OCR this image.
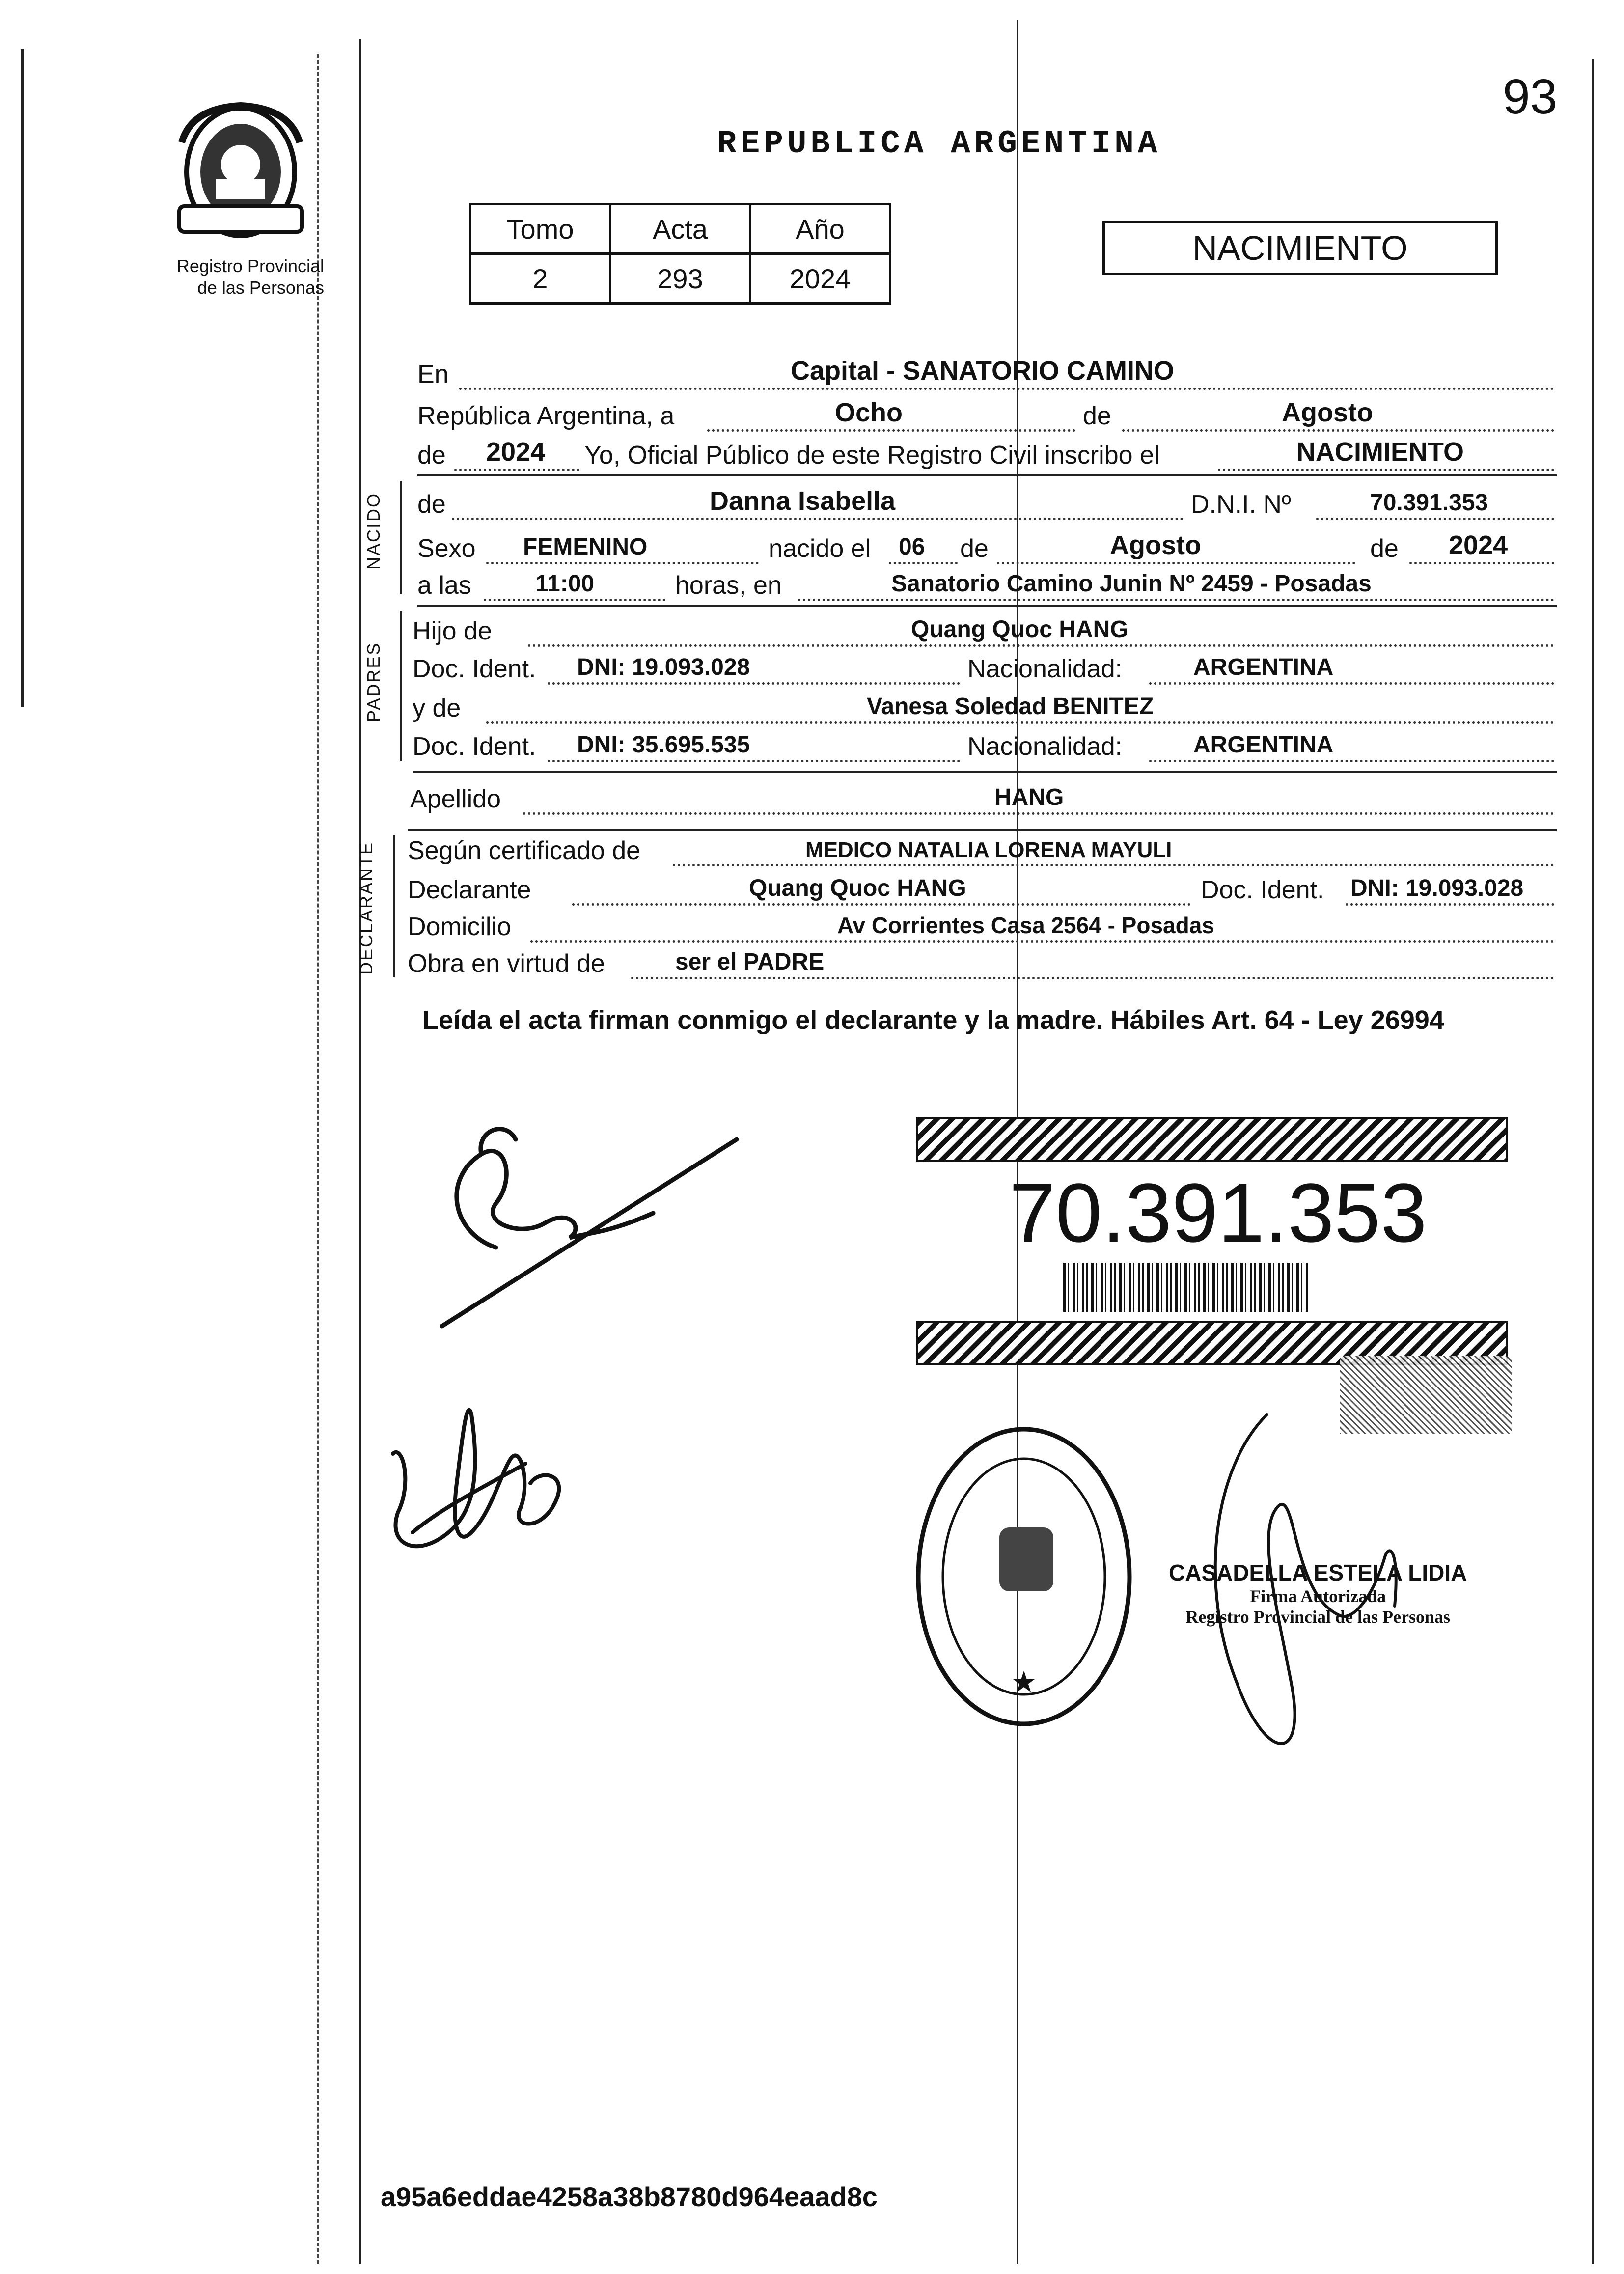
93
REPUBLICA ARGENTINA
Registro Provincial
de las Personas
Tomo	Acta	Año
2	293	2024
NACIMIENTO
En	Capital - SANATORIO CAMINO
República Argentina, a	Ocho	de	Agosto
de 2024 Yo, Oficial Público de este Registro Civil inscribo el	NACIMIENTO
NACIDO de	Danna Isabella	D.N.I. Nº	70.391.353
Sexo FEMENINO	nacido el 06 de	Agosto	de 2024
a las	11:00	horas, en	Sanatorio Camino Junin Nº 2459 - Posadas
PADRES
Hijo de	Quang Quoc HANG
Doc. Ident. DNI: 19.093.028	Nacionalidad:	ARGENTINA
y de	Vanesa Soledad BENITEZ
Doc. Ident. DNI: 35.695.535	Nacionalidad:	ARGENTINA
Apellido	HANG
DECLARANTE Según certificado de	MEDICO NATALIA LORENA MAYULI
Declarante	Quang Quoc HANG	Doc. Ident. DNI: 19.093.028
Domicilio	Av Corrientes Casa 2564 - Posadas
Obra en virtud de	ser el PADRE
Leída el acta firman conmigo el declarante y la madre. Hábiles Art. 64 - Ley 26994
70.391.353
★
CASADELLA ESTELA LIDIA
Firma Autorizada
Registro Provincial de las Personas
a95a6eddae4258a38b8780d964eaad8c
